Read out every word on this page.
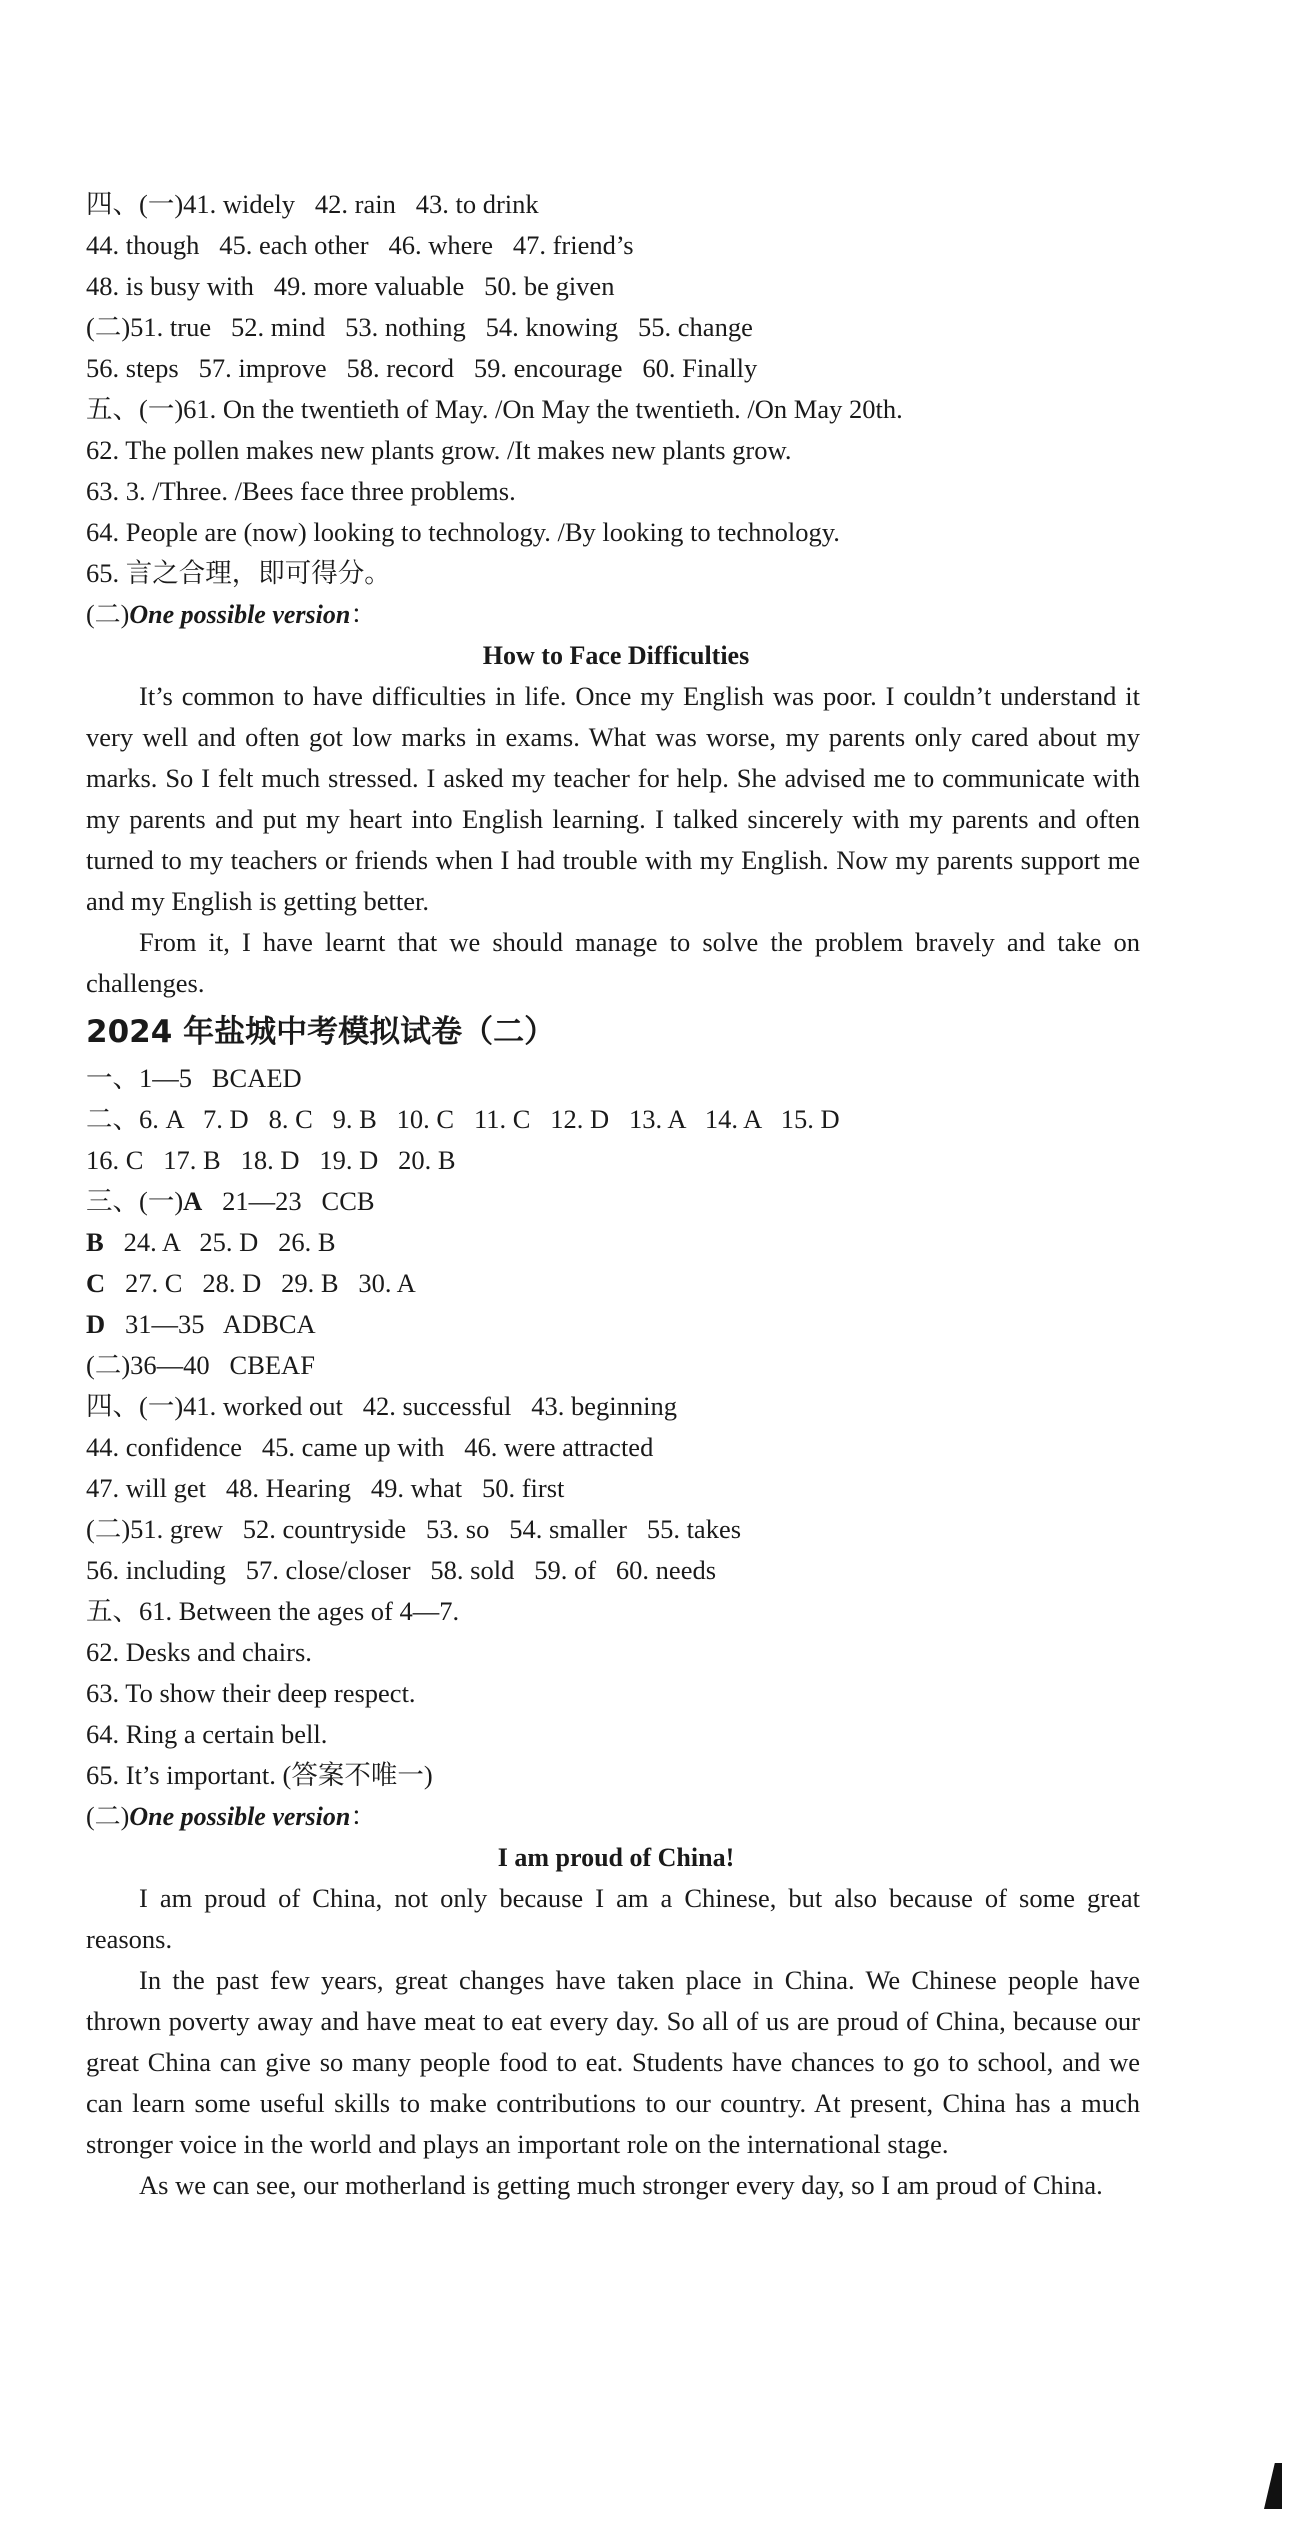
四、(一)41. widely   42. rain   43. to drink
44. though   45. each other   46. where   47. friend’s
48. is busy with   49. more valuable   50. be given
(二)51. true   52. mind   53. nothing   54. knowing   55. change
56. steps   57. improve   58. record   59. encourage   60. Finally
五、(一)61. On the twentieth of May. /On May the twentieth. /On May 20th.
62. The pollen makes new plants grow. /It makes new plants grow.
63. 3. /Three. /Bees face three problems.
64. People are (now) looking to technology. /By looking to technology.
65. 言之合理，即可得分。
(二)One possible version：
How to Face Difficulties

It’s common to have difficulties in life. Once my English was poor. I couldn’t understand it very well and often got low marks in exams. What was worse, my parents only cared about my marks. So I felt much stressed. I asked my teacher for help. She advised me to communicate with my parents and put my heart into English learning. I talked sincerely with my parents and often turned to my teachers or friends when I had trouble with my English. Now my parents support me and my English is getting better.

From it, I have learnt that we should manage to solve the problem bravely and take on challenges.

2024 年盐城中考模拟试卷（二）
一、1—5   BCAED
二、6. A   7. D   8. C   9. B   10. C   11. C   12. D   13. A   14. A   15. D
16. C   17. B   18. D   19. D   20. B
三、(一)A   21—23   CCB
B   24. A   25. D   26. B
C   27. C   28. D   29. B   30. A
D   31—35   ADBCA
(二)36—40   CBEAF
四、(一)41. worked out   42. successful   43. beginning
44. confidence   45. came up with   46. were attracted
47. will get   48. Hearing   49. what   50. first
(二)51. grew   52. countryside   53. so   54. smaller   55. takes
56. including   57. close/closer   58. sold   59. of   60. needs
五、61. Between the ages of 4—7.
62. Desks and chairs.
63. To show their deep respect.
64. Ring a certain bell.
65. It’s important. (答案不唯一)
(二)One possible version：
I am proud of China!

I am proud of China, not only because I am a Chinese, but also because of some great reasons.

In the past few years, great changes have taken place in China. We Chinese people have thrown poverty away and have meat to eat every day. So all of us are proud of China, because our great China can give so many people food to eat. Students have chances to go to school, and we can learn some useful skills to make contributions to our country. At present, China has a much stronger voice in the world and plays an important role on the international stage.

As we can see, our motherland is getting much stronger every day, so I am proud of China.
